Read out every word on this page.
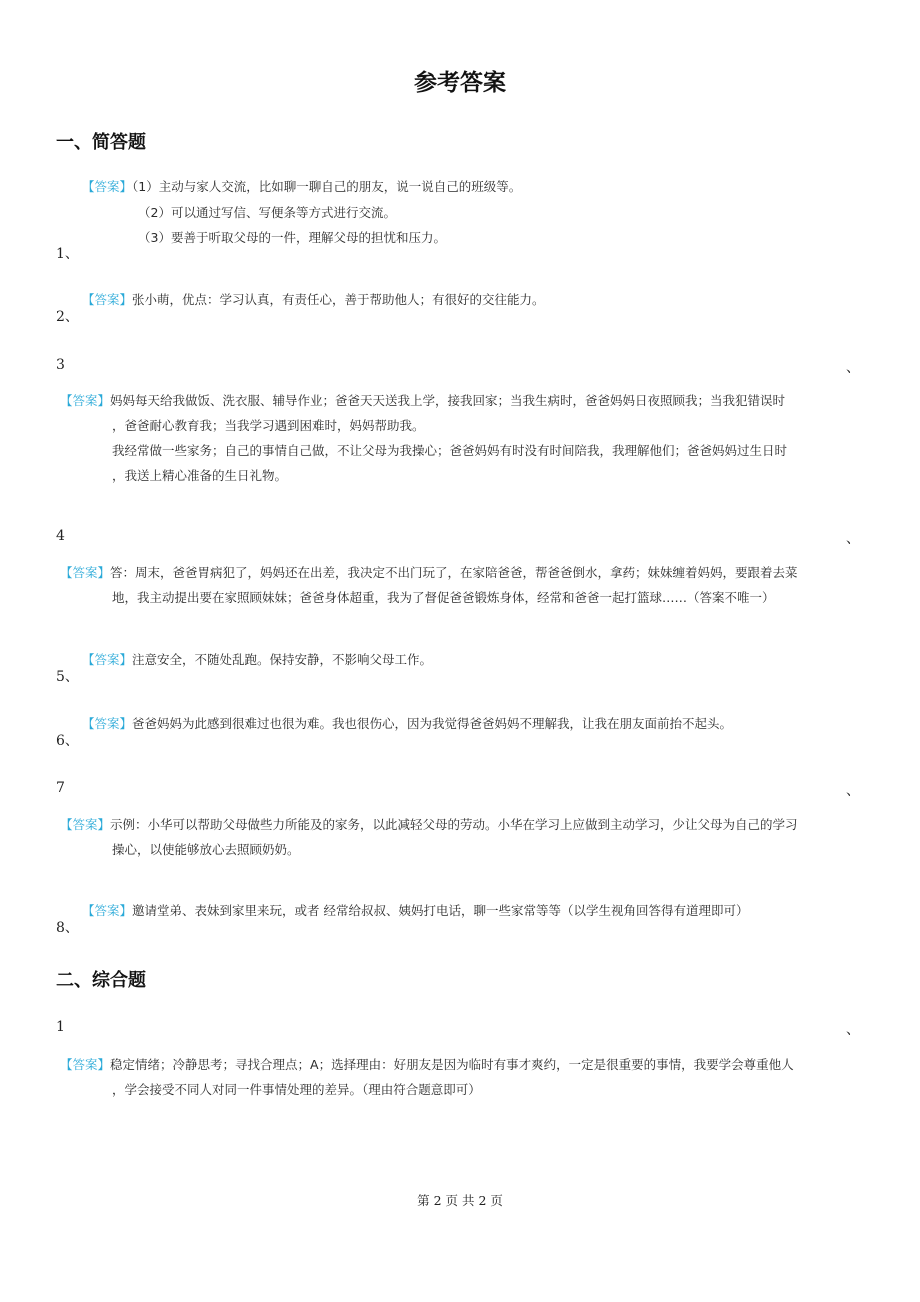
参考答案
一、简答题
【答案】（1）主动与家人交流，比如聊一聊自己的朋友，说一说自己的班级等。
（2）可以通过写信、写便条等方式进行交流。
（3）要善于听取父母的一件，理解父母的担忧和压力。
1、
【答案】张小萌，优点：学习认真，有责任心，善于帮助他人；有很好的交往能力。
2、
3	、
【答案】妈妈每天给我做饭、洗衣服、辅导作业；爸爸天天送我上学，接我回家；当我生病时，爸爸妈妈日夜照顾我；当我犯错误时
，爸爸耐心教育我；当我学习遇到困难时，妈妈帮助我。
我经常做一些家务；自己的事情自己做，不让父母为我操心；爸爸妈妈有时没有时间陪我，我理解他们；爸爸妈妈过生日时
，我送上精心准备的生日礼物。
4	、
【答案】答：周末，爸爸胃病犯了，妈妈还在出差，我决定不出门玩了，在家陪爸爸，帮爸爸倒水，拿药；妹妹缠着妈妈，要跟着去菜
地，我主动提出要在家照顾妹妹；爸爸身体超重，我为了督促爸爸锻炼身体，经常和爸爸一起打篮球……（答案不唯一）
【答案】注意安全，不随处乱跑。保持安静，不影响父母工作。
5、
【答案】爸爸妈妈为此感到很难过也很为难。我也很伤心，因为我觉得爸爸妈妈不理解我，让我在朋友面前抬不起头。
6、
7	、
【答案】示例：小华可以帮助父母做些力所能及的家务，以此减轻父母的劳动。小华在学习上应做到主动学习，少让父母为自己的学习
操心，以使能够放心去照顾奶奶。
【答案】邀请堂弟、表妹到家里来玩，或者 经常给叔叔、姨妈打电话，聊一些家常等等（以学生视角回答得有道理即可）
8、
二、综合题
1	、
【答案】稳定情绪；冷静思考；寻找合理点；A；选择理由：好朋友是因为临时有事才爽约，一定是很重要的事情，我要学会尊重他人
，学会接受不同人对同一件事情处理的差异。（理由符合题意即可）
第 2 页 共 2 页
